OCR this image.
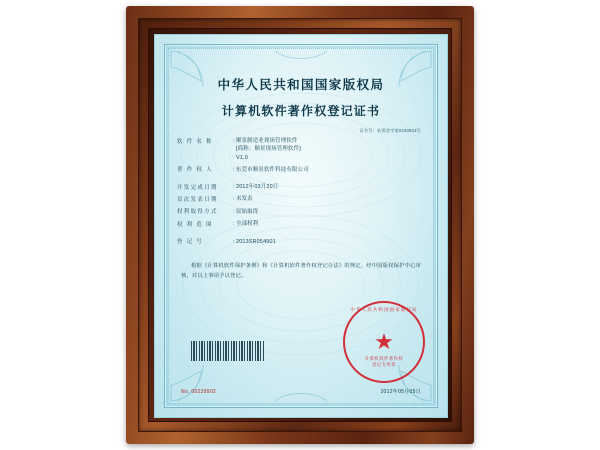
中华人民共和国国家版权局
计算机软件著作权登记证书
证书号：软著登字第0330943号
软 件 名 称	: 顺景制造业现场管理软件
[简称：顺景现场管理软件]
V1.0
著 作 权 人	: 东莞市顺景软件科技有限公司
开发完成日期	: 2012年03月20日
首次发表日期	: 未发表
权利取得方式	: 原始取得
权 利 范 围	: 全部权利
登 记 号	: 2013SR054901
根据《计算机软件保护条例》和《计算机软件著作权登记办法》的规定，经中国版权保护中心审核，对以上事项予以登记。
中华人民共和国国家版权局
★
计算机软件著作权
登记专用章
No. 00239902	2012年05月05日
